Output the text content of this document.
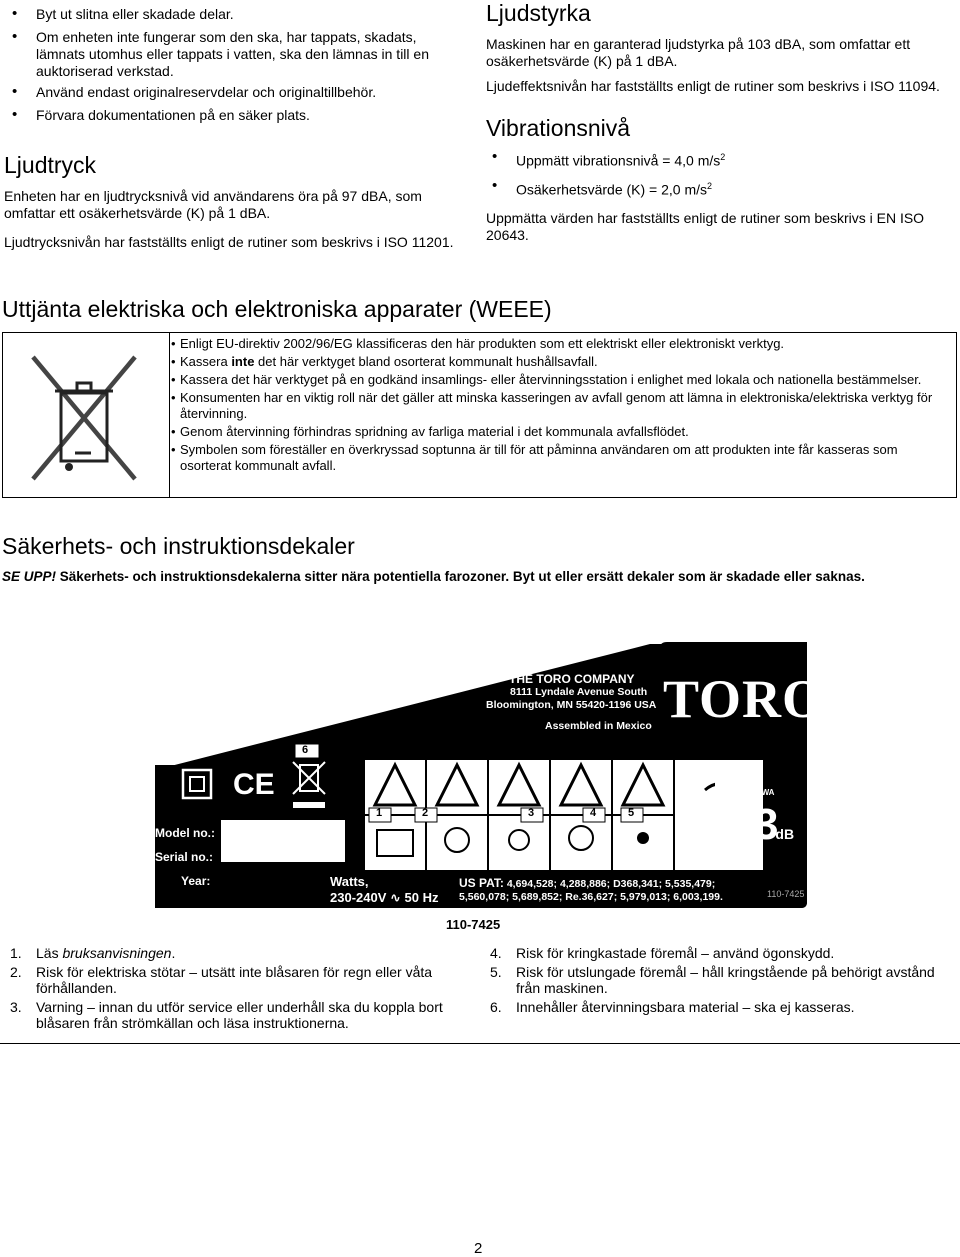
• Byt ut slitna eller skadade delar.
• Om enheten inte fungerar som den ska, har tappats, skadats, lämnats utomhus eller tappats i vatten, ska den lämnas in till en auktoriserad verkstad.
• Använd endast originalreservdelar och originaltillbehör.
• Förvara dokumentationen på en säker plats.
Ljudtryck

Enheten har en ljudtrycksnivå vid användarens öra på 97 dBA, som omfattar ett osäkerhetsvärde (K) på 1 dBA.

Ljudtrycksnivån har fastställts enligt de rutiner som beskrivs i ISO 11201.

Ljudstyrka

Maskinen har en garanterad ljudstyrka på 103 dBA, som omfattar ett osäkerhetsvärde (K) på 1 dBA.

Ljudeffektsnivån har fastställts enligt de rutiner som beskrivs i ISO 11094.

Vibrationsnivå
• Uppmätt vibrationsnivå = 4,0 $m/s^2$
• Osäkerhetsvärde (K) = 2,0 $m/s^2$

Uppmätta värden har fastställts enligt de rutiner som beskrivs i EN ISO 20643.

Uttjänta elektriska och elektroniska apparater (WEEE)
• Enligt EU-direktiv 2002/96/EG klassificeras den här produkten som ett elektriskt eller elektroniskt verktyg.
• Kassera inte det här verktyget bland osorterat kommunalt hushållsavfall.
• Kassera det här verktyget på en godkänd insamlings- eller återvinningsstation i enlighet med lokala och nationella bestämmelser.
• Konsumenten har en viktig roll när det gäller att minska kasseringen av avfall genom att lämna in elektroniska/elektriska verktyg för återvinning.
• Genom återvinning förhindras spridning av farliga material i det kommunala avfallsflödet.
• Symbolen som föreställer en överkryssad soptunna är till för att påminna användaren om att produkten inte får kasseras som osorterat kommunalt avfall.
Säkerhets- och instruktionsdekaler

SE UPP! Säkerhets- och instruktionsdekalerna sitter nära potentiella farozoner. Byt ut eller ersätt dekaler som är skadade eller saknas.

THE TORO COMPANY
8111 Lyndale Avenue South
Bloomington, MN 55420-1196 USA
Assembled in Mexico TORO®
CE
6
Model no.:
Serial no.:
Year:
1	2	3	4	5
Watts,
230-240V ∿ 50 Hz
US PAT: 4,694,528; 4,288,886; D368,341; 5,535,479;
5,560,078; 5,689,852; Re.36,627; 5,979,013; 6,003,199.	110-7425
$L_{WA}$
103dB
110-7425
1. Läs bruksanvisningen.
2. Risk för elektriska stötar – utsätt inte blåsaren för regn eller våta förhållanden.
3. Varning – innan du utför service eller underhåll ska du koppla bort blåsaren från strömkällan och läsa instruktionerna.
4. Risk för kringkastade föremål – använd ögonskydd.
5. Risk för utslungade föremål – håll kringstående på behörigt avstånd från maskinen.
6. Innehåller återvinningsbara material – ska ej kasseras.
2
